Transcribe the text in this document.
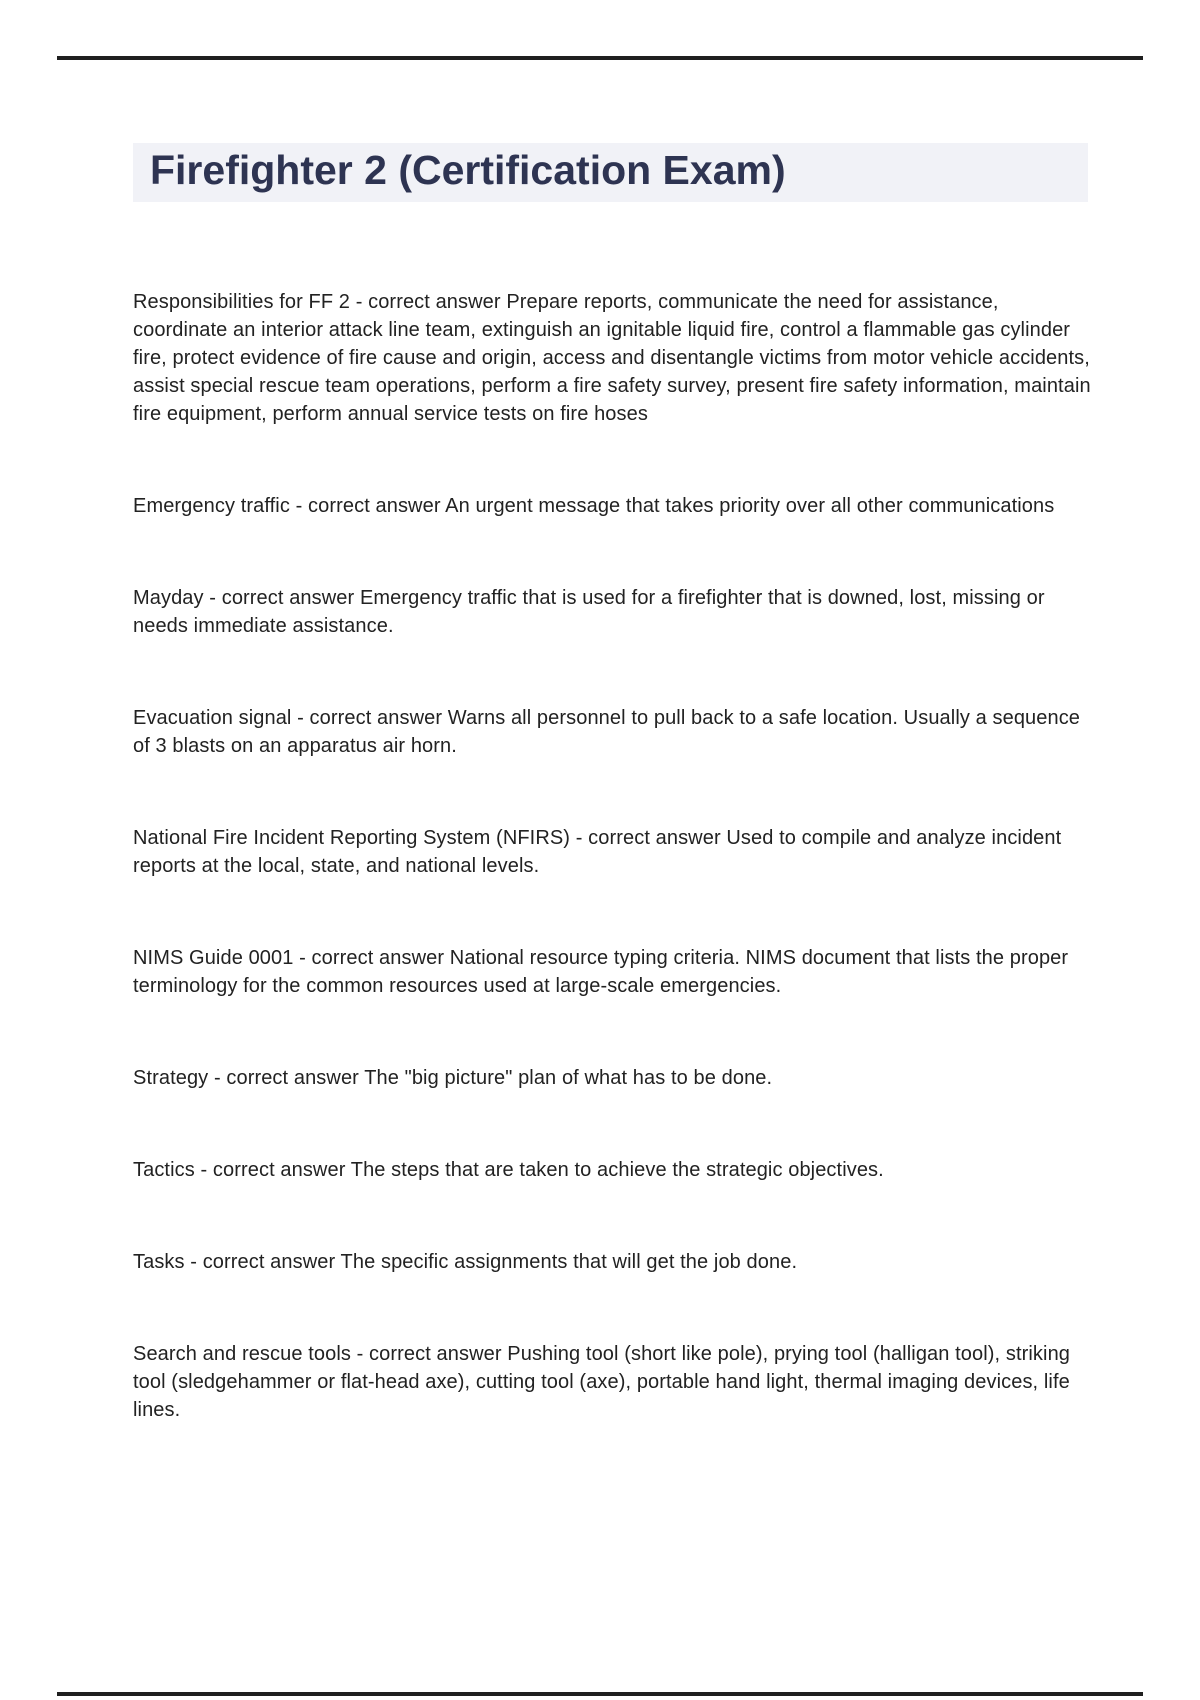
Firefighter 2 (Certification Exam)

Responsibilities for FF 2 - correct answer Prepare reports, communicate the need for assistance, coordinate an interior attack line team, extinguish an ignitable liquid fire, control a flammable gas cylinder fire, protect evidence of fire cause and origin, access and disentangle victims from motor vehicle accidents, assist special rescue team operations, perform a fire safety survey, present fire safety information, maintain fire equipment, perform annual service tests on fire hoses

Emergency traffic - correct answer An urgent message that takes priority over all other communications

Mayday - correct answer Emergency traffic that is used for a firefighter that is downed, lost, missing or needs immediate assistance.

Evacuation signal - correct answer Warns all personnel to pull back to a safe location. Usually a sequence of 3 blasts on an apparatus air horn.

National Fire Incident Reporting System (NFIRS) - correct answer Used to compile and analyze incident reports at the local, state, and national levels.

NIMS Guide 0001 - correct answer National resource typing criteria. NIMS document that lists the proper terminology for the common resources used at large-scale emergencies.

Strategy - correct answer The "big picture" plan of what has to be done.

Tactics - correct answer The steps that are taken to achieve the strategic objectives.

Tasks - correct answer The specific assignments that will get the job done.

Search and rescue tools - correct answer Pushing tool (short like pole), prying tool (halligan tool), striking tool (sledgehammer or flat-head axe), cutting tool (axe), portable hand light, thermal imaging devices, life lines.
